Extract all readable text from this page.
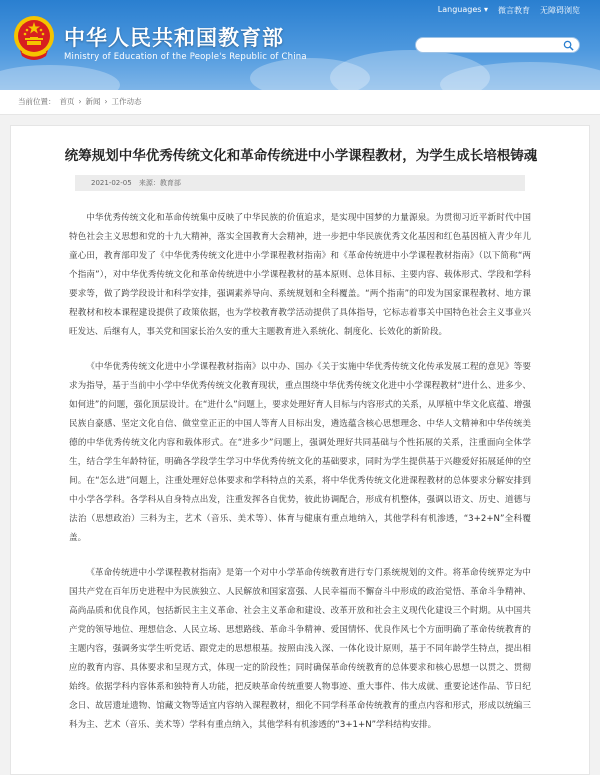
Languages ▾ 微言教育 无障碍浏览
中华人民共和国教育部
Ministry of Education of the People's Republic of China
当前位置： 首页 › 新闻 › 工作动态
统筹规划中华优秀传统文化和革命传统进中小学课程教材，为学生成长培根铸魂
2021-02-05 来源：教育部

中华优秀传统文化和革命传统集中反映了中华民族的价值追求，是实现中国梦的力量源泉。为贯彻习近平新时代中国特色社会主义思想和党的十九大精神，落实全国教育大会精神，进一步把中华民族优秀文化基因和红色基因植入青少年儿童心田，教育部印发了《中华优秀传统文化进中小学课程教材指南》和《革命传统进中小学课程教材指南》（以下简称“两个指南”），对中华优秀传统文化和革命传统进中小学课程教材的基本原则、总体目标、主要内容、载体形式、学段和学科要求等，做了跨学段设计和科学安排，强调素养导向、系统规划和全科覆盖。“两个指南”的印发为国家课程教材、地方课程教材和校本课程建设提供了政策依据，也为学校教育教学活动提供了具体指导，它标志着事关中国特色社会主义事业兴旺发达、后继有人，事关党和国家长治久安的重大主题教育进入系统化、制度化、长效化的新阶段。

《中华优秀传统文化进中小学课程教材指南》以中办、国办《关于实施中华优秀传统文化传承发展工程的意见》等要求为指导，基于当前中小学中华优秀传统文化教育现状，重点围绕中华优秀传统文化进中小学课程教材“进什么、进多少、如何进”的问题，强化顶层设计。在“进什么”问题上，要求处理好育人目标与内容形式的关系，从厚植中华文化底蕴、增强民族自豪感、坚定文化自信、做堂堂正正的中国人等育人目标出发，遴选蕴含核心思想理念、中华人文精神和中华传统美德的中华优秀传统文化内容和载体形式。在“进多少”问题上，强调处理好共同基础与个性拓展的关系，注重面向全体学生，结合学生年龄特征，明确各学段学生学习中华优秀传统文化的基础要求，同时为学生提供基于兴趣爱好拓展延伸的空间。在“怎么进”问题上，注重处理好总体要求和学科特点的关系，将中华优秀传统文化进课程教材的总体要求分解安排到中小学各学科。各学科从自身特点出发，注重发挥各自优势，彼此协调配合，形成有机整体，强调以语文、历史、道德与法治（思想政治）三科为主，艺术（音乐、美术等）、体育与健康有重点地纳入，其他学科有机渗透，“3+2+N”全科覆盖。

《革命传统进中小学课程教材指南》是第一个对中小学革命传统教育进行专门系统规划的文件。将革命传统界定为中国共产党在百年历史进程中为民族独立、人民解放和国家富强、人民幸福而不懈奋斗中形成的政治觉悟、革命斗争精神、高尚品质和优良作风，包括新民主主义革命、社会主义革命和建设、改革开放和社会主义现代化建设三个时期。从中国共产党的领导地位、理想信念、人民立场、思想路线、革命斗争精神、爱国情怀、优良作风七个方面明确了革命传统教育的主题内容，强调务实学生听党话、跟党走的思想根基。按照由浅入深、一体化设计原则，基于不同年龄学生特点，提出相应的教育内容、具体要求和呈现方式，体现一定的阶段性；同时确保革命传统教育的总体要求和核心思想一以贯之、贯彻始终。依据学科内容体系和独特育人功能，把反映革命传统重要人物事迹、重大事件、伟大成就、重要论述作品、节日纪念日、故居遗址遗物、馆藏文物等适宜内容纳入课程教材，细化不同学科革命传统教育的重点内容和形式，形成以统编三科为主、艺术（音乐、美术等）学科有重点纳入，其他学科有机渗透的“3+1+N”学科结构安排。
